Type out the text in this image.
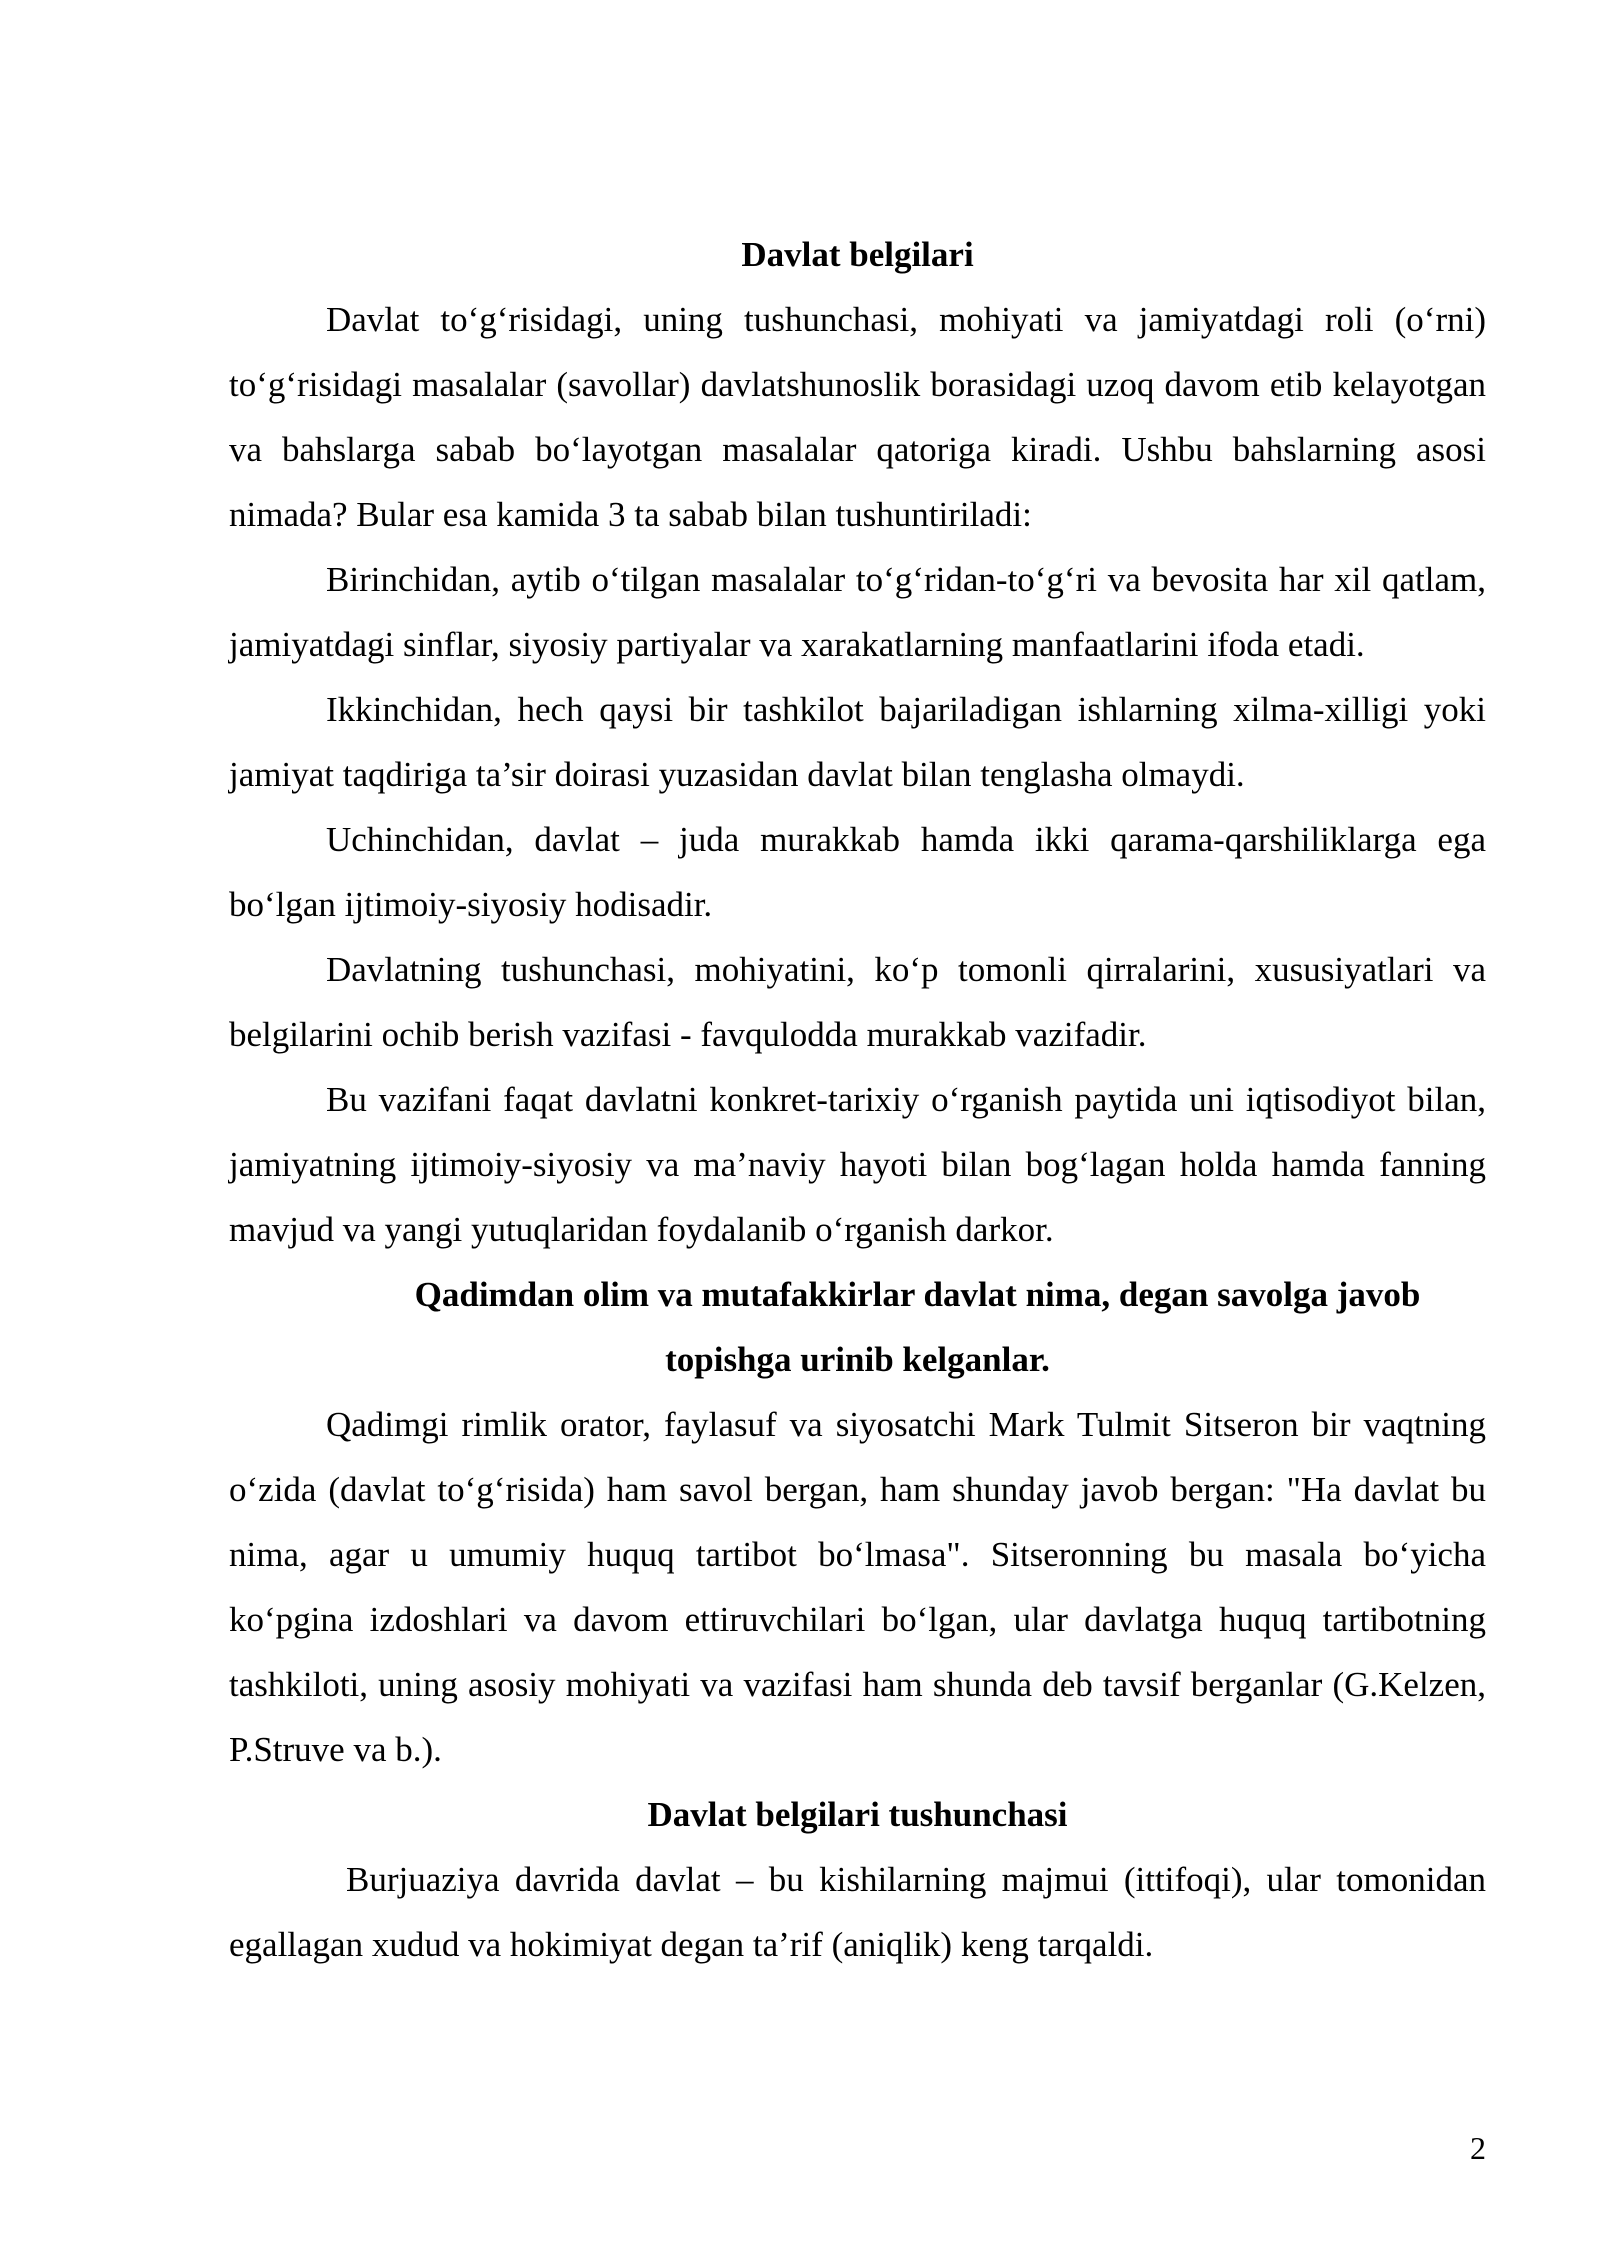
Davlat belgilari

Davlat to‘g‘risidagi, uning tushunchasi, mohiyati va jamiyatdagi roli (o‘rni) to‘g‘risidagi masalalar (savollar) davlatshunoslik borasidagi uzoq davom etib kelayotgan va bahslarga sabab bo‘layotgan masalalar qatoriga kiradi. Ushbu bahslarning asosi nimada? Bular esa kamida 3 ta sabab bilan tushuntiriladi:

Birinchidan, aytib o‘tilgan masalalar to‘g‘ridan-to‘g‘ri va bevosita har xil qatlam, jamiyatdagi sinflar, siyosiy partiyalar va xarakatlarning manfaatlarini ifoda etadi.

Ikkinchidan, hech qaysi bir tashkilot bajariladigan ishlarning xilma-xilligi yoki jamiyat taqdiriga ta’sir doirasi yuzasidan davlat bilan tenglasha olmaydi.

Uchinchidan, davlat – juda murakkab hamda ikki qarama-qarshiliklarga ega bo‘lgan ijtimoiy-siyosiy hodisadir.

Davlatning tushunchasi, mohiyatini, ko‘p tomonli qirralarini, xususiyatlari va belgilarini ochib berish vazifasi - favqulodda murakkab vazifadir.

Bu vazifani faqat davlatni konkret-tarixiy o‘rganish paytida uni iqtisodiyot bilan, jamiyatning ijtimoiy-siyosiy va ma’naviy hayoti bilan bog‘lagan holda hamda fanning mavjud va yangi yutuqlaridan foydalanib o‘rganish darkor.

Qadimdan olim va mutafakkirlar davlat nima, degan savolga javob
topishga urinib kelganlar.

Qadimgi rimlik orator, faylasuf va siyosatchi Mark Tulmit Sitseron bir vaqtning o‘zida (davlat to‘g‘risida) ham savol bergan, ham shunday javob bergan: "Ha davlat bu nima, agar u umumiy huquq tartibot bo‘lmasa". Sitseronning bu masala bo‘yicha ko‘pgina izdoshlari va davom ettiruvchilari bo‘lgan, ular davlatga huquq tartibotning tashkiloti, uning asosiy mohiyati va vazifasi ham shunda deb tavsif berganlar (G.Kelzen, P.Struve va b.).

Davlat belgilari tushunchasi

Burjuaziya davrida davlat – bu kishilarning majmui (ittifoqi), ular tomonidan egallagan xudud va hokimiyat degan ta’rif (aniqlik) keng tarqaldi.

2
